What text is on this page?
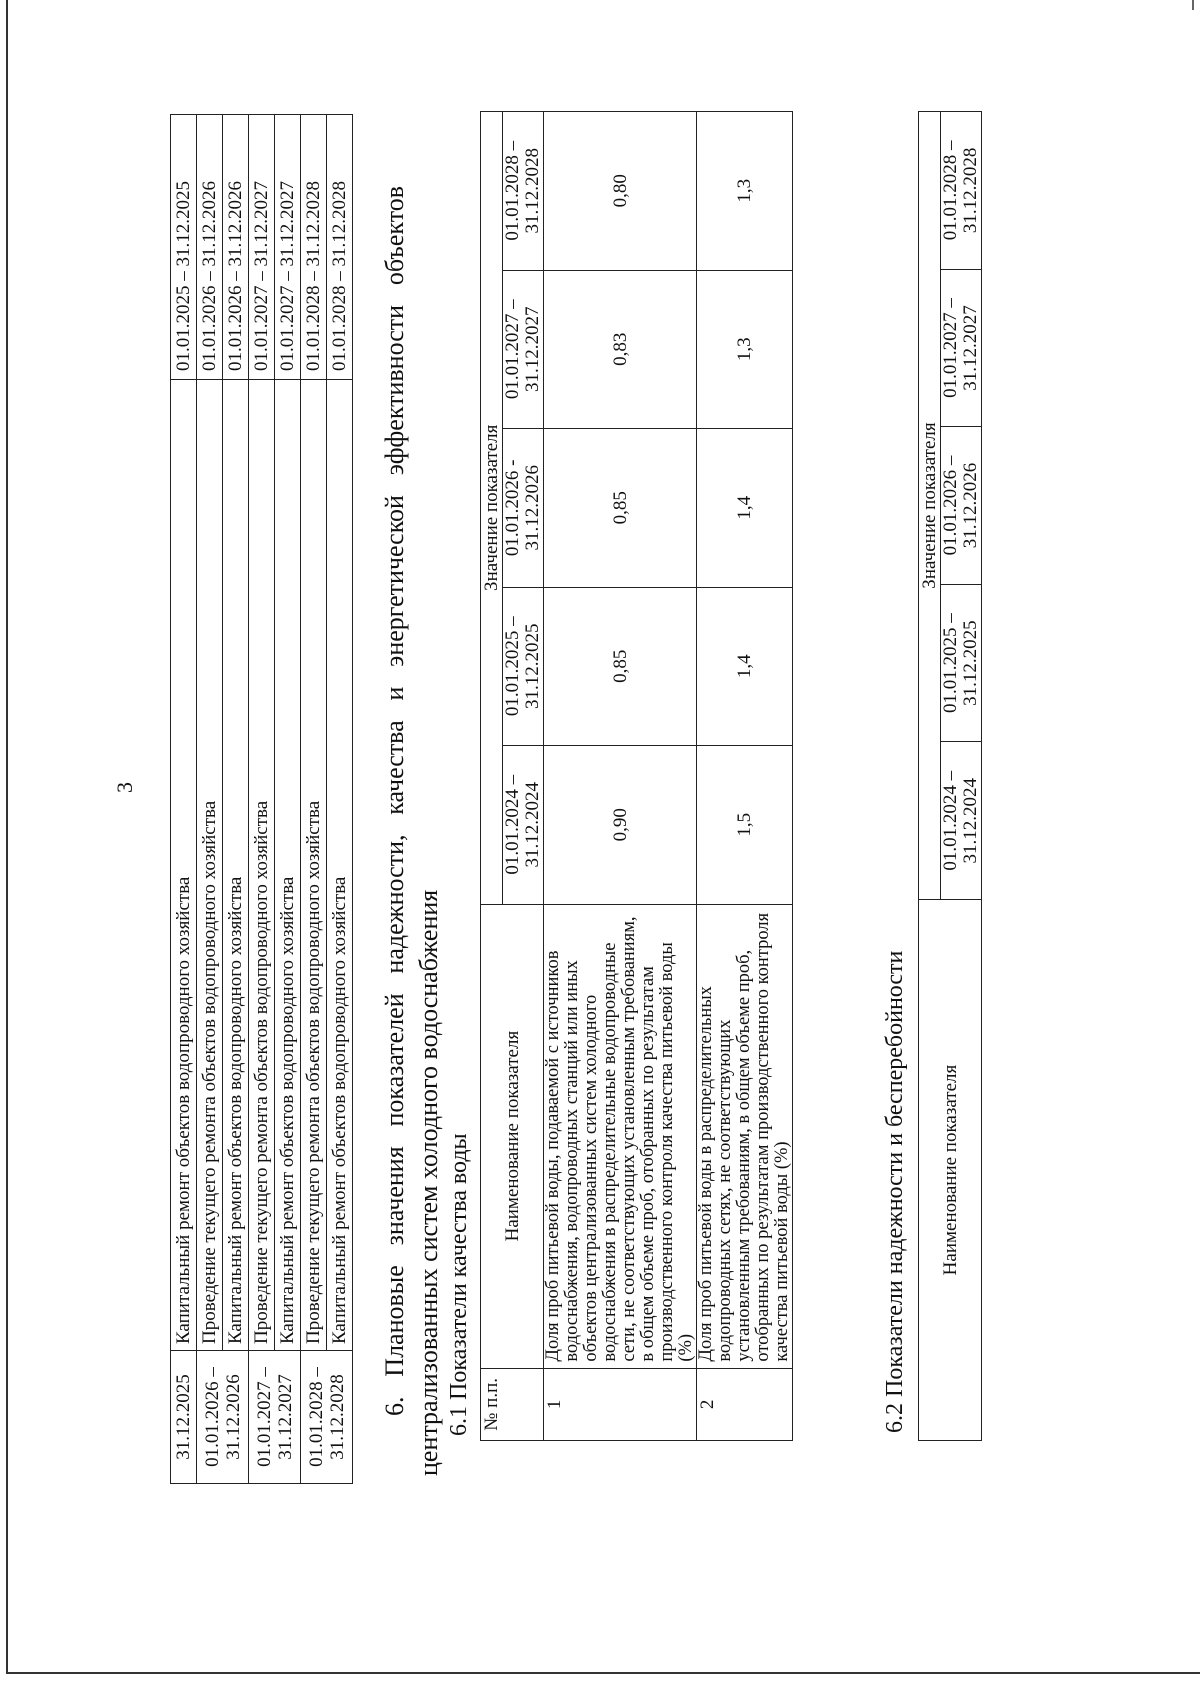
3
31.12.2025	Капитальный ремонт объектов водопроводного хозяйства	01.01.2025 – 31.12.2025
01.01.2026 – 31.12.2026	Проведение текущего ремонта объектов водопроводного хозяйства	01.01.2026 – 31.12.2026
	Капитальный ремонт объектов водопроводного хозяйства	01.01.2026 – 31.12.2026
01.01.2027 – 31.12.2027	Проведение текущего ремонта объектов водопроводного хозяйства	01.01.2027 – 31.12.2027
	Капитальный ремонт объектов водопроводного хозяйства	01.01.2027 – 31.12.2027
01.01.2028 – 31.12.2028	Проведение текущего ремонта объектов водопроводного хозяйства	01.01.2028 – 31.12.2028
	Капитальный ремонт объектов водопроводного хозяйства	01.01.2028 – 31.12.2028 6. Плановые значения показателей надежности, качества и энергетической эффективности объектов централизованных систем холодного водоснабжения 6.1 Показатели качества воды № п.п.	Наименование показателя	Значение показателя				
		01.01.2024 – 31.12.2024	01.01.2025 – 31.12.2025	01.01.2026 - 31.12.2026	01.01.2027 – 31.12.2027	01.01.2028 – 31.12.2028
1	Доля проб питьевой воды, подаваемой с источников водоснабжения, водопроводных станций или иных объектов централизованных систем холодного водоснабжения в распределительные водопроводные сети, не соответствующих установленным требованиям, в общем объеме проб, отобранных по результатам производственного контроля качества питьевой воды (%)	0,90	0,85	0,85	0,83	0,80
2	Доля проб питьевой воды в распределительных водопроводных сетях, не соответствующих установленным требованиям, в общем объеме проб, отобранных по результатам производственного контроля качества питьевой воды (%)	1,5	1,4	1,4	1,3	1,3
6.2 Показатели надежности и бесперебойности Наименование показателя	Значение показателя				
	01.01.2024 – 31.12.2024	01.01.2025 – 31.12.2025	01.01.2026 – 31.12.2026	01.01.2027 – 31.12.2027	01.01.2028 – 31.12.2028
